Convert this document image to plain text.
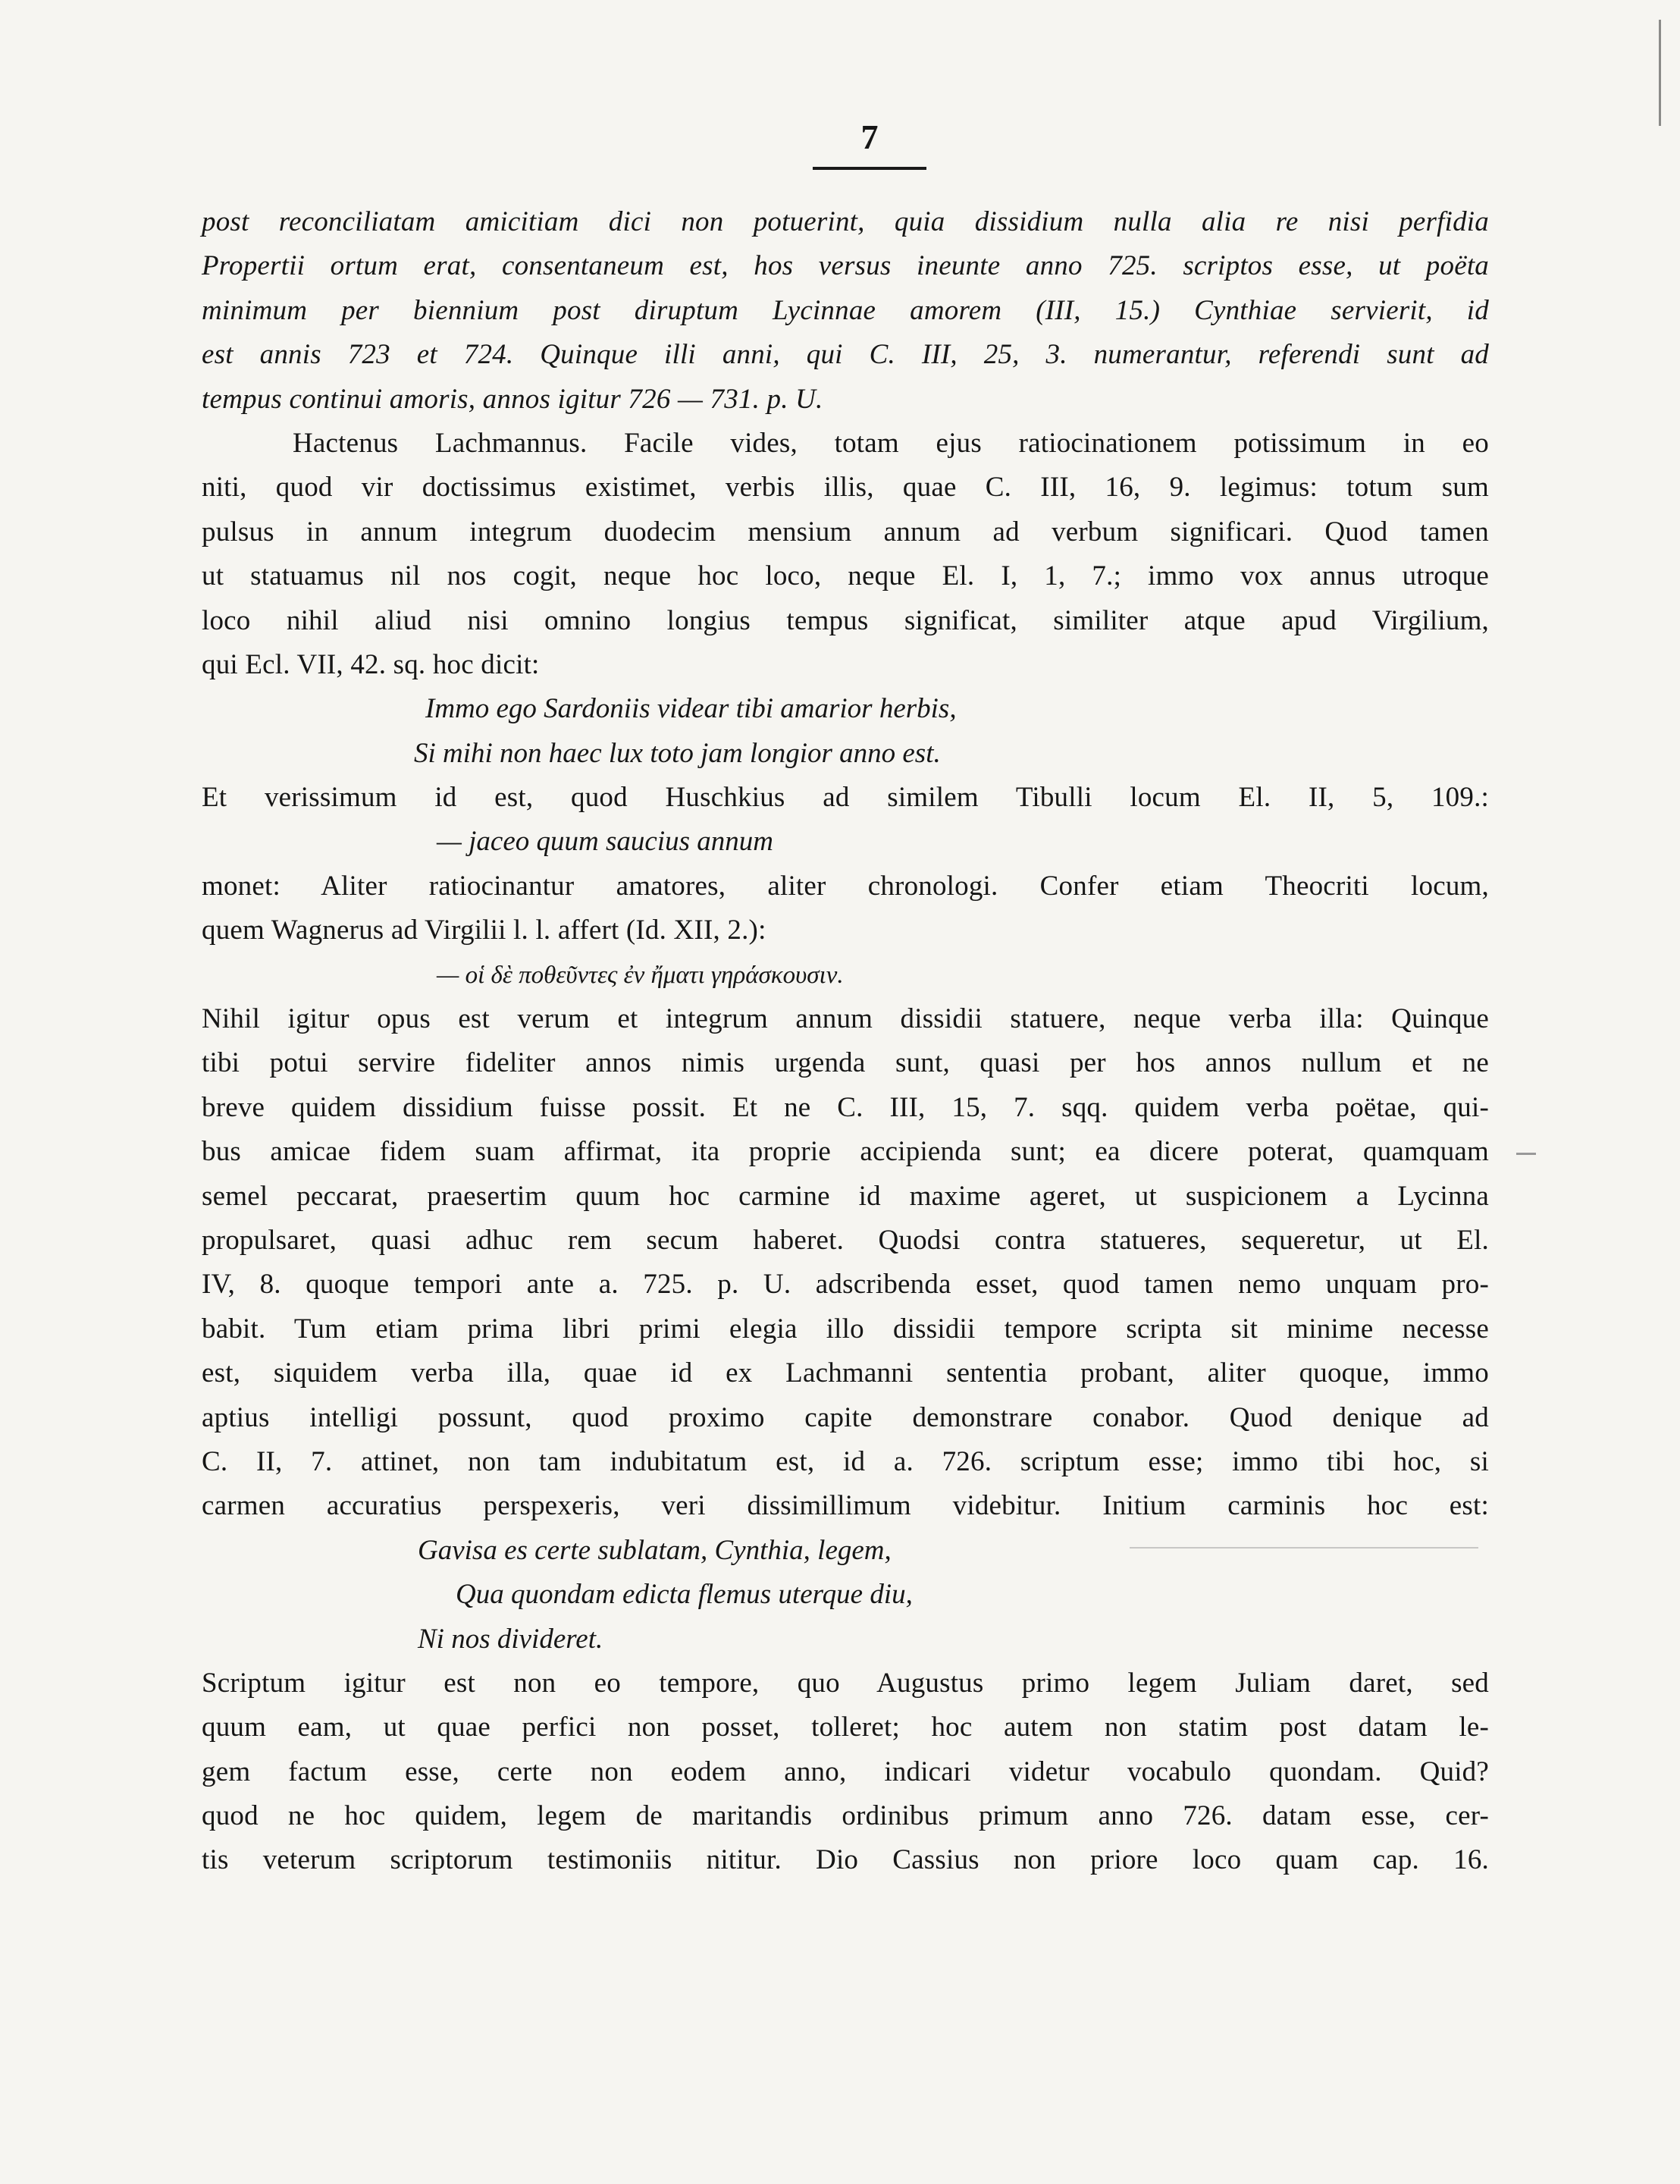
7
post reconciliatam amicitiam dici non potuerint, quia dissidium nulla alia re nisi perfidia
Propertii ortum erat, consentaneum est, hos versus ineunte anno 725. scriptos esse, ut poëta
minimum per biennium post diruptum Lycinnae amorem (III, 15.) Cynthiae servierit, id
est annis 723 et 724. Quinque illi anni, qui C. III, 25, 3. numerantur, referendi sunt ad
tempus continui amoris, annos igitur 726 — 731. p. U.
Hactenus Lachmannus. Facile vides, totam ejus ratiocinationem potissimum in eo
niti, quod vir doctissimus existimet, verbis illis, quae C. III, 16, 9. legimus: totum sum
pulsus in annum integrum duodecim mensium annum ad verbum significari. Quod tamen
ut statuamus nil nos cogit, neque hoc loco, neque El. I, 1, 7.; immo vox annus utroque
loco nihil aliud nisi omnino longius tempus significat, similiter atque apud Virgilium,
qui Ecl. VII, 42. sq. hoc dicit:
Immo ego Sardoniis videar tibi amarior herbis,
Si mihi non haec lux toto jam longior anno est.
Et verissimum id est, quod Huschkius ad similem Tibulli locum El. II, 5, 109.:
— jaceo quum saucius annum
monet: Aliter ratiocinantur amatores, aliter chronologi. Confer etiam Theocriti locum,
quem Wagnerus ad Virgilii l. l. affert (Id. XII, 2.):
— οἱ δὲ ποθεῦντες ἐν ἤματι γηράσκουσιν.
Nihil igitur opus est verum et integrum annum dissidii statuere, neque verba illa: Quinque
tibi potui servire fideliter annos nimis urgenda sunt, quasi per hos annos nullum et ne
breve quidem dissidium fuisse possit. Et ne C. III, 15, 7. sqq. quidem verba poëtae, qui-
bus amicae fidem suam affirmat, ita proprie accipienda sunt; ea dicere poterat, quamquam
semel peccarat, praesertim quum hoc carmine id maxime ageret, ut suspicionem a Lycinna
propulsaret, quasi adhuc rem secum haberet. Quodsi contra statueres, sequeretur, ut El.
IV, 8. quoque tempori ante a. 725. p. U. adscribenda esset, quod tamen nemo unquam pro-
babit. Tum etiam prima libri primi elegia illo dissidii tempore scripta sit minime necesse
est, siquidem verba illa, quae id ex Lachmanni sententia probant, aliter quoque, immo
aptius intelligi possunt, quod proximo capite demonstrare conabor. Quod denique ad
C. II, 7. attinet, non tam indubitatum est, id a. 726. scriptum esse; immo tibi hoc, si
carmen accuratius perspexeris, veri dissimillimum videbitur. Initium carminis hoc est:
Gavisa es certe sublatam, Cynthia, legem,
Qua quondam edicta flemus uterque diu,
Ni nos divideret.
Scriptum igitur est non eo tempore, quo Augustus primo legem Juliam daret, sed
quum eam, ut quae perfici non posset, tolleret; hoc autem non statim post datam le-
gem factum esse, certe non eodem anno, indicari videtur vocabulo quondam. Quid?
quod ne hoc quidem, legem de maritandis ordinibus primum anno 726. datam esse, cer-
tis veterum scriptorum testimoniis nititur. Dio Cassius non priore loco quam cap. 16.
